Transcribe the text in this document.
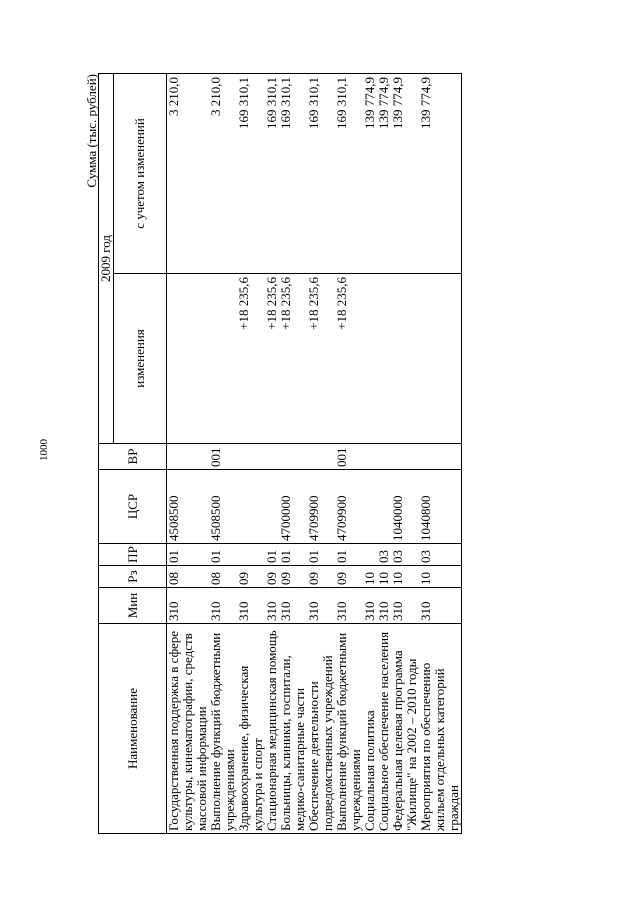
1000
Сумма (тыс. рублей)
Наименование	Мин	Рз	ПР	ЦСР	ВР	2009 год	
						изменения	с учетом изменений
Государственная поддержка в сфере культуры, кинематографии, средств массовой информации	310	08	01	4508500			3 210,0
Выполнение функций бюджетными учреждениями	310	08	01	4508500	001		3 210,0
Здравоохранение, физическая культура и спорт	310	09				+18 235,6	169 310,1
Стационарная медицинская помощь	310	09	01			+18 235,6	169 310,1
Больницы, клиники, госпитали, медико-санитарные части	310	09	01	4700000		+18 235,6	169 310,1
Обеспечение деятельности подведомственных учреждений	310	09	01	4709900		+18 235,6	169 310,1
Выполнение функций бюджетными учреждениями	310	09	01	4709900	001	+18 235,6	169 310,1
Социальная политика	310	10					139 774,9
Социальное обеспечение населения	310	10	03				139 774,9
Федеральная целевая программа "Жилище" на 2002 – 2010 годы	310	10	03	1040000			139 774,9
Мероприятия по обеспечению жильем отдельных категорий граждан	310	10	03	1040800			139 774,9
